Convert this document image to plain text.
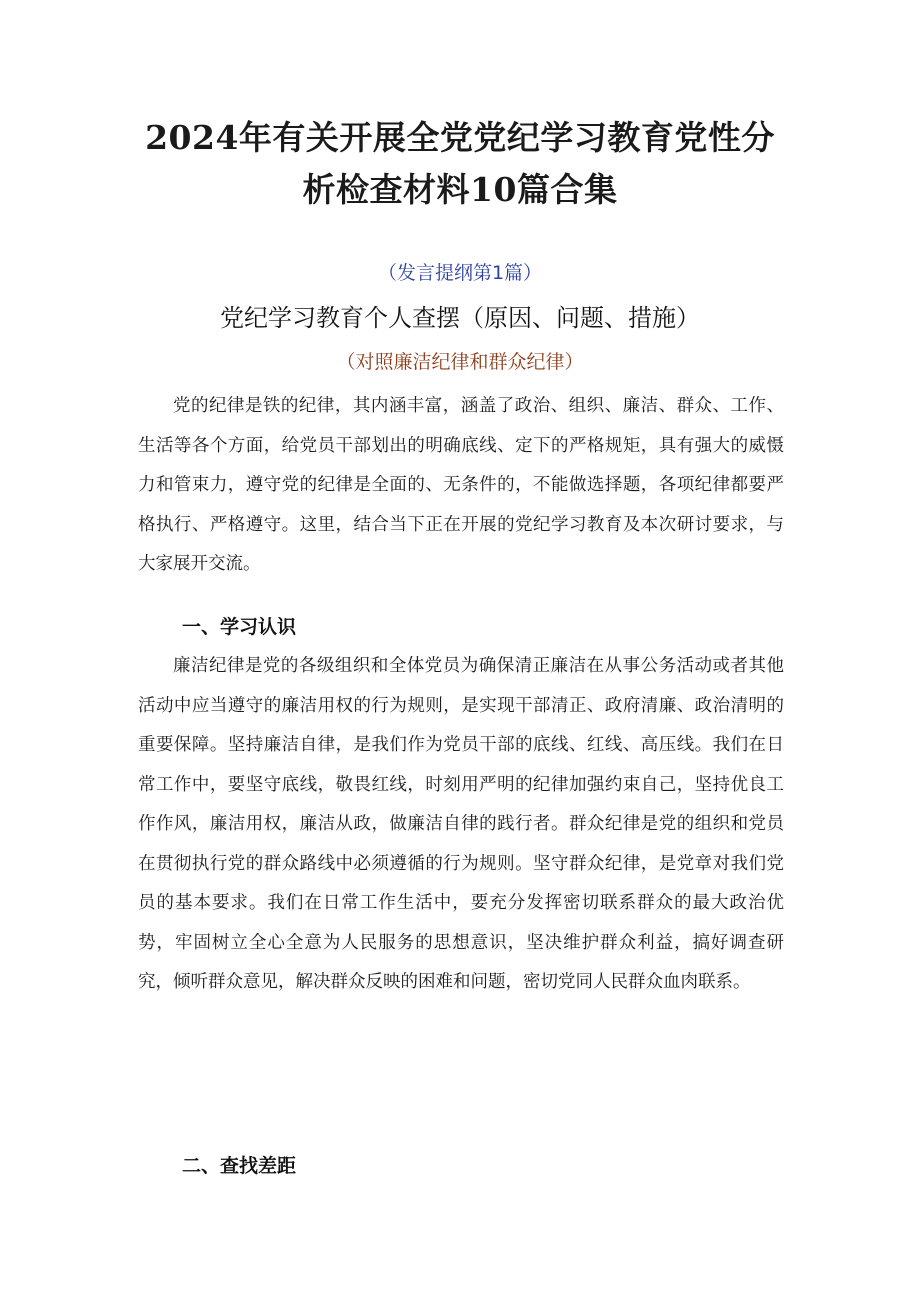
2024年有关开展全党党纪学习教育党性分
析检查材料10篇合集

（发言提纲第1篇）

党纪学习教育个人查摆（原因、问题、措施）

（对照廉洁纪律和群众纪律）

党的纪律是铁的纪律，其内涵丰富，涵盖了政治、组织、廉洁、群众、工作、生活等各个方面，给党员干部划出的明确底线、定下的严格规矩，具有强大的威慑力和管束力，遵守党的纪律是全面的、无条件的，不能做选择题，各项纪律都要严格执行、严格遵守。这里，结合当下正在开展的党纪学习教育及本次研讨要求，与大家展开交流。

一、学习认识

廉洁纪律是党的各级组织和全体党员为确保清正廉洁在从事公务活动或者其他活动中应当遵守的廉洁用权的行为规则，是实现干部清正、政府清廉、政治清明的重要保障。坚持廉洁自律，是我们作为党员干部的底线、红线、高压线。我们在日常工作中，要坚守底线，敬畏红线，时刻用严明的纪律加强约束自己，坚持优良工作作风，廉洁用权，廉洁从政，做廉洁自律的践行者。群众纪律是党的组织和党员在贯彻执行党的群众路线中必须遵循的行为规则。坚守群众纪律，是党章对我们党员的基本要求。我们在日常工作生活中，要充分发挥密切联系群众的最大政治优势，牢固树立全心全意为人民服务的思想意识，坚决维护群众利益，搞好调查研究，倾听群众意见，解决群众反映的困难和问题，密切党同人民群众血肉联系。

二、查找差距
